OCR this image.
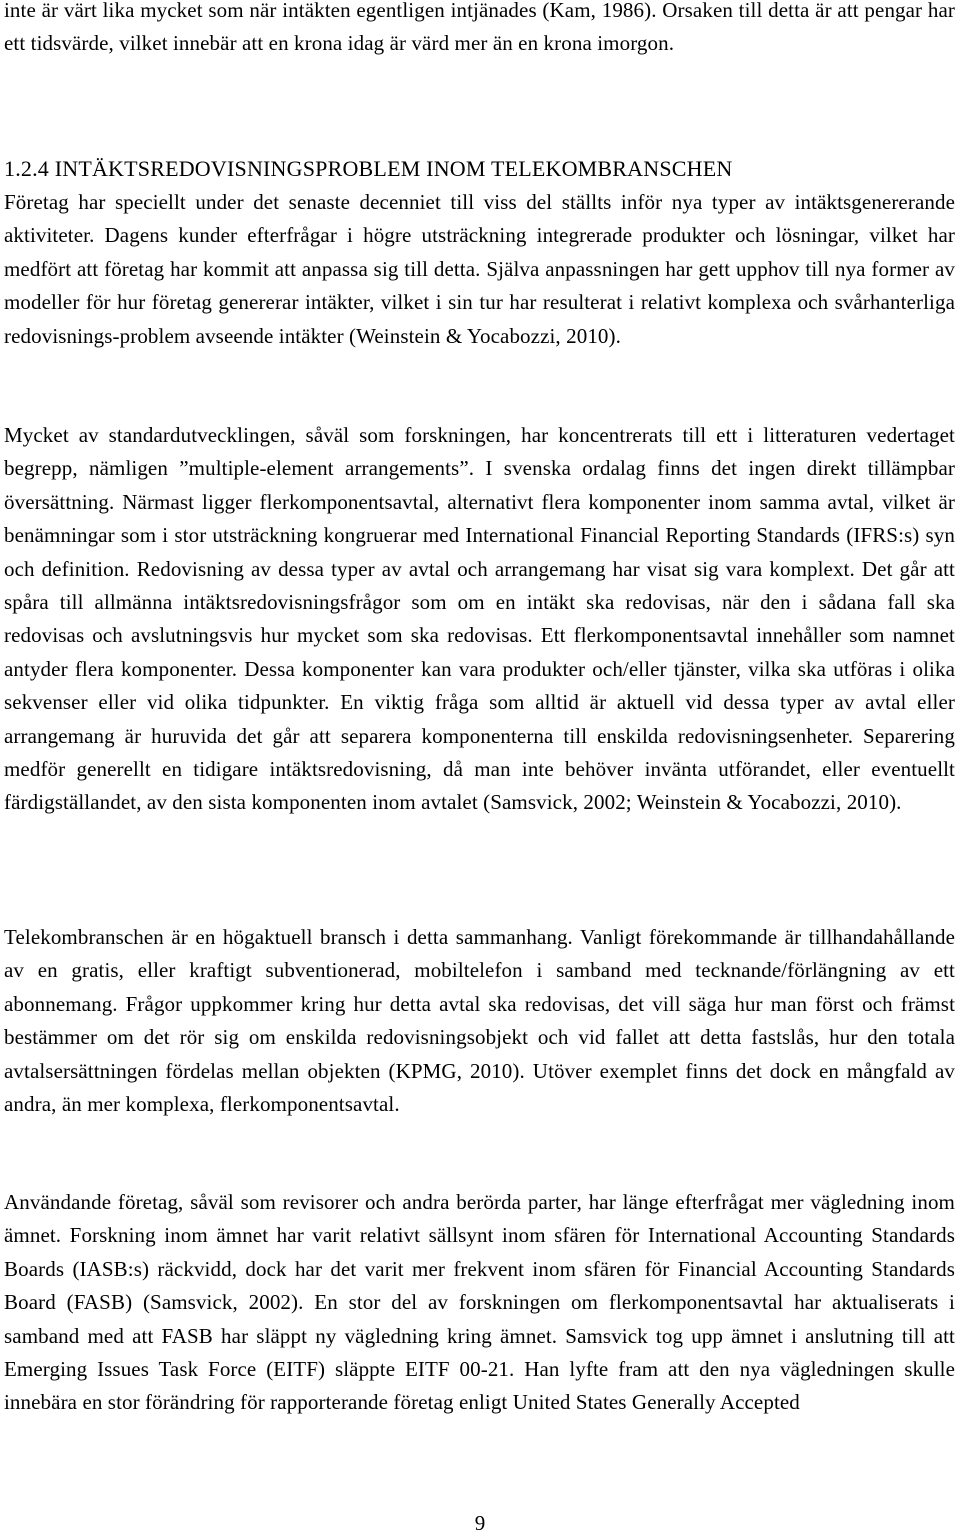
inte är värt lika mycket som när intäkten egentligen intjänades (Kam, 1986). Orsaken till detta är att pengar har ett tidsvärde, vilket innebär att en krona idag är värd mer än en krona imorgon.

1.2.4 INTÄKTSREDOVISNINGSPROBLEM INOM TELEKOMBRANSCHEN

Företag har speciellt under det senaste decenniet till viss del ställts inför nya typer av intäktsgenererande aktiviteter. Dagens kunder efterfrågar i högre utsträckning integrerade produkter och lösningar, vilket har medfört att företag har kommit att anpassa sig till detta. Själva anpassningen har gett upphov till nya former av modeller för hur företag genererar intäkter, vilket i sin tur har resulterat i relativt komplexa och svårhanterliga redovisnings-problem avseende intäkter (Weinstein & Yocabozzi, 2010).

Mycket av standardutvecklingen, såväl som forskningen, har koncentrerats till ett i litteraturen vedertaget begrepp, nämligen ”multiple-element arrangements”. I svenska ordalag finns det ingen direkt tillämpbar översättning. Närmast ligger flerkomponentsavtal, alternativt flera komponenter inom samma avtal, vilket är benämningar som i stor utsträckning kongruerar med International Financial Reporting Standards (IFRS:s) syn och definition. Redovisning av dessa typer av avtal och arrangemang har visat sig vara komplext. Det går att spåra till allmänna intäktsredovisningsfrågor som om en intäkt ska redovisas, när den i sådana fall ska redovisas och avslutningsvis hur mycket som ska redovisas. Ett flerkomponentsavtal innehåller som namnet antyder flera komponenter. Dessa komponenter kan vara produkter och/eller tjänster, vilka ska utföras i olika sekvenser eller vid olika tidpunkter. En viktig fråga som alltid är aktuell vid dessa typer av avtal eller arrangemang är huruvida det går att separera komponenterna till enskilda redovisningsenheter. Separering medför generellt en tidigare intäktsredovisning, då man inte behöver invänta utförandet, eller eventuellt färdigställandet, av den sista komponenten inom avtalet (Samsvick, 2002; Weinstein & Yocabozzi, 2010).

Telekombranschen är en högaktuell bransch i detta sammanhang. Vanligt förekommande är tillhandahållande av en gratis, eller kraftigt subventionerad, mobiltelefon i samband med tecknande/förlängning av ett abonnemang. Frågor uppkommer kring hur detta avtal ska redovisas, det vill säga hur man först och främst bestämmer om det rör sig om enskilda redovisningsobjekt och vid fallet att detta fastslås, hur den totala avtalsersättningen fördelas mellan objekten (KPMG, 2010). Utöver exemplet finns det dock en mångfald av andra, än mer komplexa, flerkomponentsavtal.

Användande företag, såväl som revisorer och andra berörda parter, har länge efterfrågat mer vägledning inom ämnet. Forskning inom ämnet har varit relativt sällsynt inom sfären för International Accounting Standards Boards (IASB:s) räckvidd, dock har det varit mer frekvent inom sfären för Financial Accounting Standards Board (FASB) (Samsvick, 2002). En stor del av forskningen om flerkomponentsavtal har aktualiserats i samband med att FASB har släppt ny vägledning kring ämnet. Samsvick tog upp ämnet i anslutning till att Emerging Issues Task Force (EITF) släppte EITF 00-21. Han lyfte fram att den nya vägledningen skulle innebära en stor förändring för rapporterande företag enligt United States Generally Accepted

9
